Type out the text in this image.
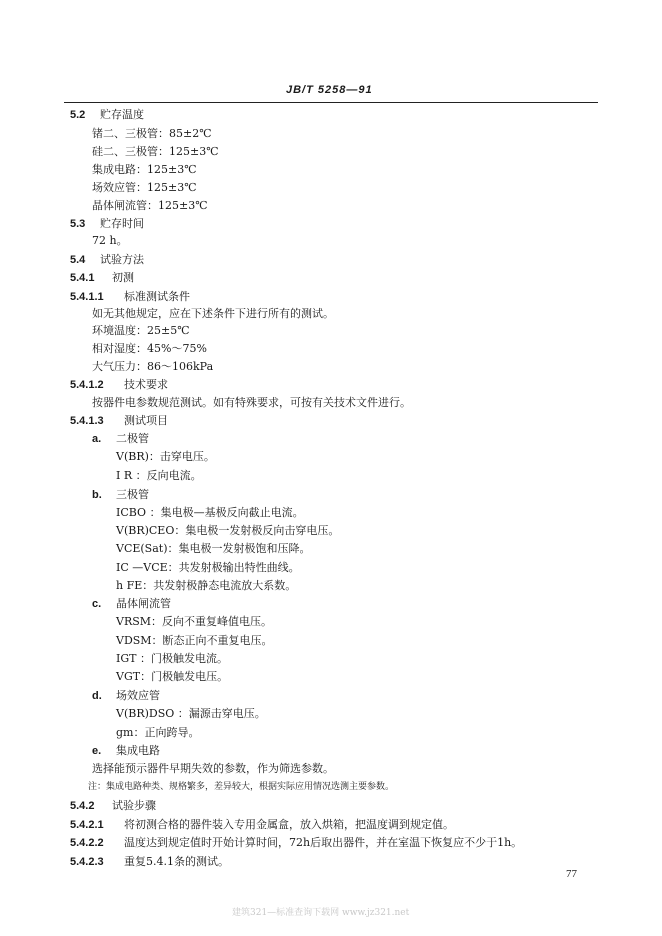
JB/T 5258—91
5.2 贮存温度
锗二、三极管：85±2℃
硅二、三极管：125±3℃
集成电路：125±3℃
场效应管：125±3℃
晶体闸流管：125±3℃
5.3 贮存时间
72 h。
5.4 试验方法
5.4.1 初测
5.4.1.1 标准测试条件
如无其他规定，应在下述条件下进行所有的测试。
环境温度：25±5℃
相对湿度：45%～75%
大气压力：86～106kPa
5.4.1.2 技术要求
按器件电参数规范测试。如有特殊要求，可按有关技术文件进行。
5.4.1.3 测试项目
a. 二极管
V(BR)：击穿电压。
I R ：反向电流。
b. 三极管
ICBO ：集电极—基极反向截止电流。
V(BR)CEO：集电极一发射极反向击穿电压。
VCE(Sat)：集电极一发射极饱和压降。
IC —VCE：共发射极输出特性曲线。
h FE：共发射极静态电流放大系数。
c. 晶体闸流管
VRSM：反向不重复峰值电压。
VDSM：断态正向不重复电压。
IGT ：门极触发电流。
VGT：门极触发电压。
d. 场效应管
V(BR)DSO ：漏源击穿电压。
gm：正向跨导。
e. 集成电路
选择能预示器件早期失效的参数，作为筛选参数。
注：集成电路种类、规格繁多，差异较大，根据实际应用情况选测主要参数。
5.4.2 试验步骤
5.4.2.1 将初测合格的器件装入专用金属盒，放入烘箱，把温度调到规定值。
5.4.2.2 温度达到规定值时开始计算时间，72h后取出器件，并在室温下恢复应不少于1h。
5.4.2.3 重复5.4.1条的测试。
77
建筑321—标准查询下载网 www.jz321.net
